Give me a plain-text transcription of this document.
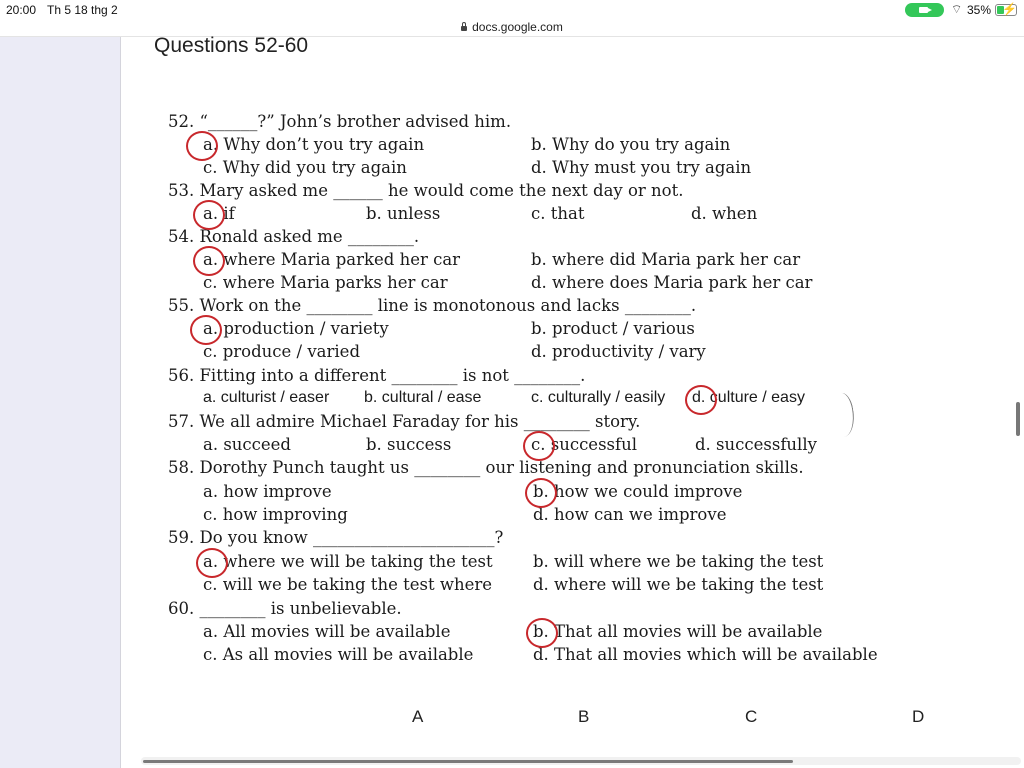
20:00 Th 5 18 thg 2	⌔ 35% ⚡
docs.google.com
Questions 52-60
52. “______?” John’s brother advised him.
a. Why don’t you try again	b. Why do you try again
c. Why did you try again	d. Why must you try again
53. Mary asked me ______ he would come the next day or not.
a. if	b. unless	c. that	d. when
54. Ronald asked me ________.
a. where Maria parked her car	b. where did Maria park her car
c. where Maria parks her car	d. where does Maria park her car
55. Work on the ________ line is monotonous and lacks ________.
a. production / variety	b. product / various
c. produce / varied	d. productivity / vary
56. Fitting into a different ________ is not ________.
a. culturist / easer b. cultural / ease	c. culturally / easily d. culture / easy
57. We all admire Michael Faraday for his ________ story.
a. succeed	b. success	c. successful	d. successfully
58. Dorothy Punch taught us ________ our listening and pronunciation skills.
a. how improve	b. how we could improve
c. how improving	d. how can we improve
59. Do you know ______________________?
a. where we will be taking the test b. will where we be taking the test
c. will we be taking the test where d. where will we be taking the test
60. ________ is unbelievable.
a. All movies will be available	b. That all movies will be available
c. As all movies will be available	d. That all movies which will be available
A	B	C	D
